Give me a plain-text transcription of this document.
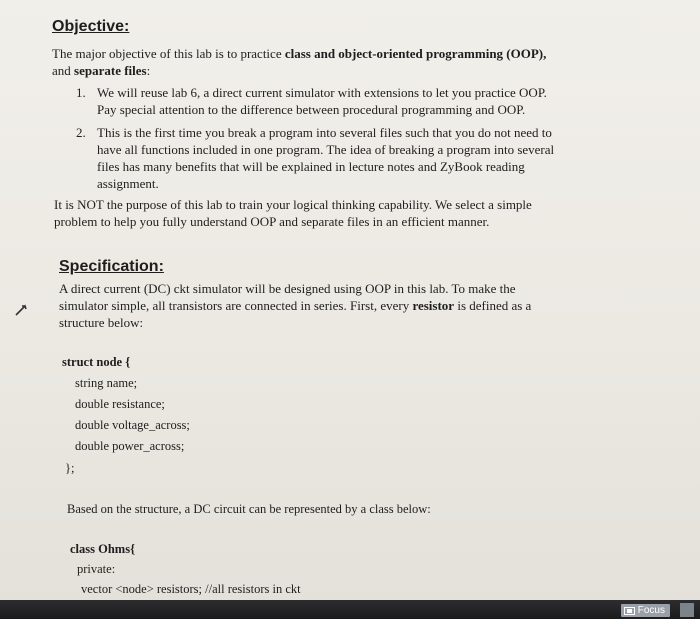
Objective:
The major objective of this lab is to practice class and object-oriented programming (OOP),
and separate files:
1. We will reuse lab 6, a direct current simulator with extensions to let you practice OOP.
Pay special attention to the difference between procedural programming and OOP.
2. This is the first time you break a program into several files such that you do not need to
have all functions included in one program. The idea of breaking a program into several
files has many benefits that will be explained in lecture notes and ZyBook reading
assignment.
It is NOT the purpose of this lab to train your logical thinking capability. We select a simple
problem to help you fully understand OOP and separate files in an efficient manner.
Specification:
A direct current (DC) ckt simulator will be designed using OOP in this lab. To make the
simulator simple, all transistors are connected in series. First, every resistor is defined as a
structure below:
struct node {
string name;
double resistance;
double voltage_across;
double power_across;
};
Based on the structure, a DC circuit can be represented by a class below:
class Ohms{
private:
vector <node> resistors; //all resistors in ckt
Focus
